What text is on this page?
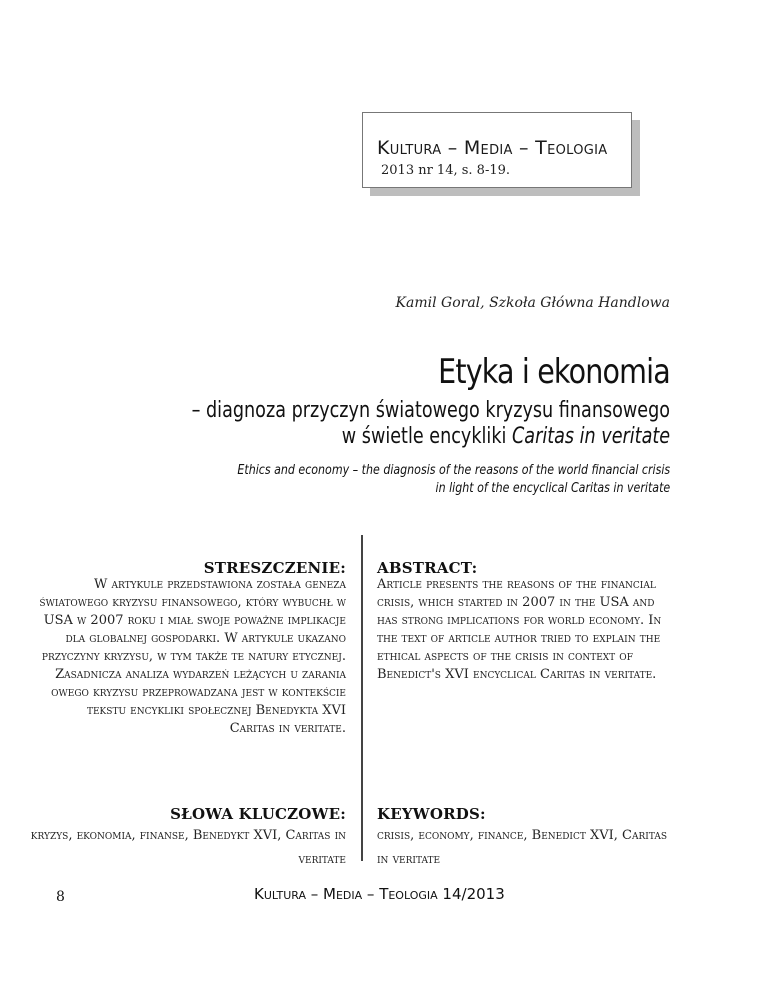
Kultura – Media – Teologia
2013 nr 14, s. 8-19.
Kamil Goral, Szkoła Główna Handlowa
Etyka i ekonomia
– diagnoza przyczyn światowego kryzysu finansowego
w świetle encykliki Caritas in veritate
Ethics and economy – the diagnosis of the reasons of the world financial crisis
in light of the encyclical Caritas in veritate
STRESZCZENIE:
W artykule przedstawiona została geneza światowego kryzysu finansowego, który wybuchł w USA w 2007 roku i miał swoje poważne implikacje dla globalnej gospodarki. W artykule ukazano przyczyny kryzysu, w tym także te natury etycznej. Zasadnicza analiza wydarzeń leżących u zarania owego kryzysu przeprowadzana jest w kontekście tekstu encykliki społecznej Benedykta XVI Caritas in veritate.
ABSTRACT:
Article presents the reasons of the financial crisis, which started in 2007 in the USA and has strong implications for world economy. In the text of article author tried to explain the ethical aspects of the crisis in context of Benedict's XVI encyclical Caritas in veritate.
SŁOWA KLUCZOWE:
kryzys, ekonomia, finanse, Benedykt XVI, Caritas in veritate
KEYWORDS:
crisis, economy, finance, Benedict XVI, Caritas in veritate
8	Kultura – Media – Teologia 14/2013
